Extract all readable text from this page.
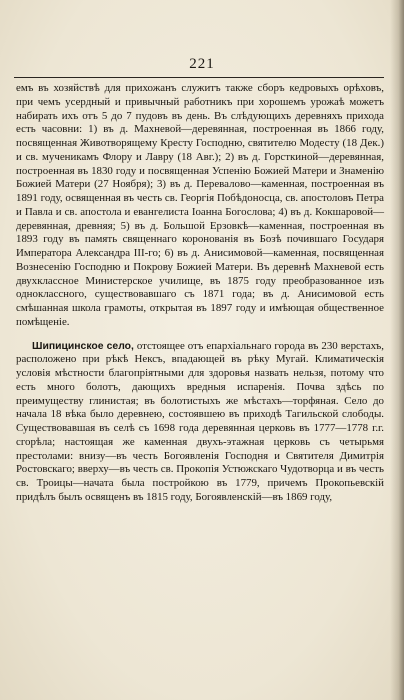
221

емъ въ хозяйствѣ для прихожанъ служитъ также сборъ кедровыхъ орѣховъ, при чемъ усердный и привычный работникъ при хорошемъ урожаѣ можетъ набирать ихъ отъ 5 до 7 пудовъ въ день. Въ слѣдующихъ деревняхъ прихода есть часовни: 1) въ д. Махневой—деревянная, построенная въ 1866 году, посвященная Животворящему Кресту Господню, святителю Модесту (18 Дек.) и св. мученикамъ Флору и Лавру (18 Авг.); 2) въ д. Горсткиной—деревянная, построенная въ 1830 году и посвященная Успенію Божией Матери и Знаменію Божией Матери (27 Ноября); 3) въ д. Перевалово—каменная, построенная въ 1891 году, освященная въ честь св. Георгія Побѣдоносца, св. апостоловъ Петра и Павла и св. апостола и евангелиста Іоанна Богослова; 4) въ д. Кокшаровой—деревянная, древняя; 5) въ д. Большой Ерзовкѣ—каменная, построенная въ 1893 году въ память священнаго коронованія въ Бозѣ почившаго Государя Императора Александра III-го; 6) въ д. Анисимовой—каменная, посвященная Вознесенію Господню и Покрову Божией Матери. Въ деревнѣ Махневой есть двухклассное Министерское училище, въ 1875 году преобразованное изъ одноклассного, существовавшаго съ 1871 года; въ д. Анисимовой есть смѣшанная школа грамоты, открытая въ 1897 году и имѣющая общественное помѣщеніе.

Шипицинское село, отстоящее отъ епархіальнаго города въ 230 верстахъ, расположено при рѣкѣ Нексъ, впадающей въ рѣку Мугай. Климатическія условія мѣстности благопріятными для здоровья назвать нельзя, потому что есть много болотъ, дающихъ вредныя испаренія. Почва здѣсь по преимуществу глинистая; въ болотистыхъ же мѣстахъ—торфяная. Село до начала 18 вѣка было деревнею, состоявшею въ приходѣ Тагильской слободы. Существовавшая въ селѣ съ 1698 года деревянная церковь въ 1777—1778 г.г. сгорѣла; настоящая же каменная двухъ-этажная церковь съ четырьмя престолами: внизу—въ честь Богоявленія Господня и Святителя Димитрія Ростовскаго; вверху—въ честь св. Прокопія Устюжскаго Чудотворца и въ честь св. Троицы—начата была постройкою въ 1779, причемъ Прокопьевскій придѣлъ былъ освященъ въ 1815 году, Богоявленскій—въ 1869 году,
